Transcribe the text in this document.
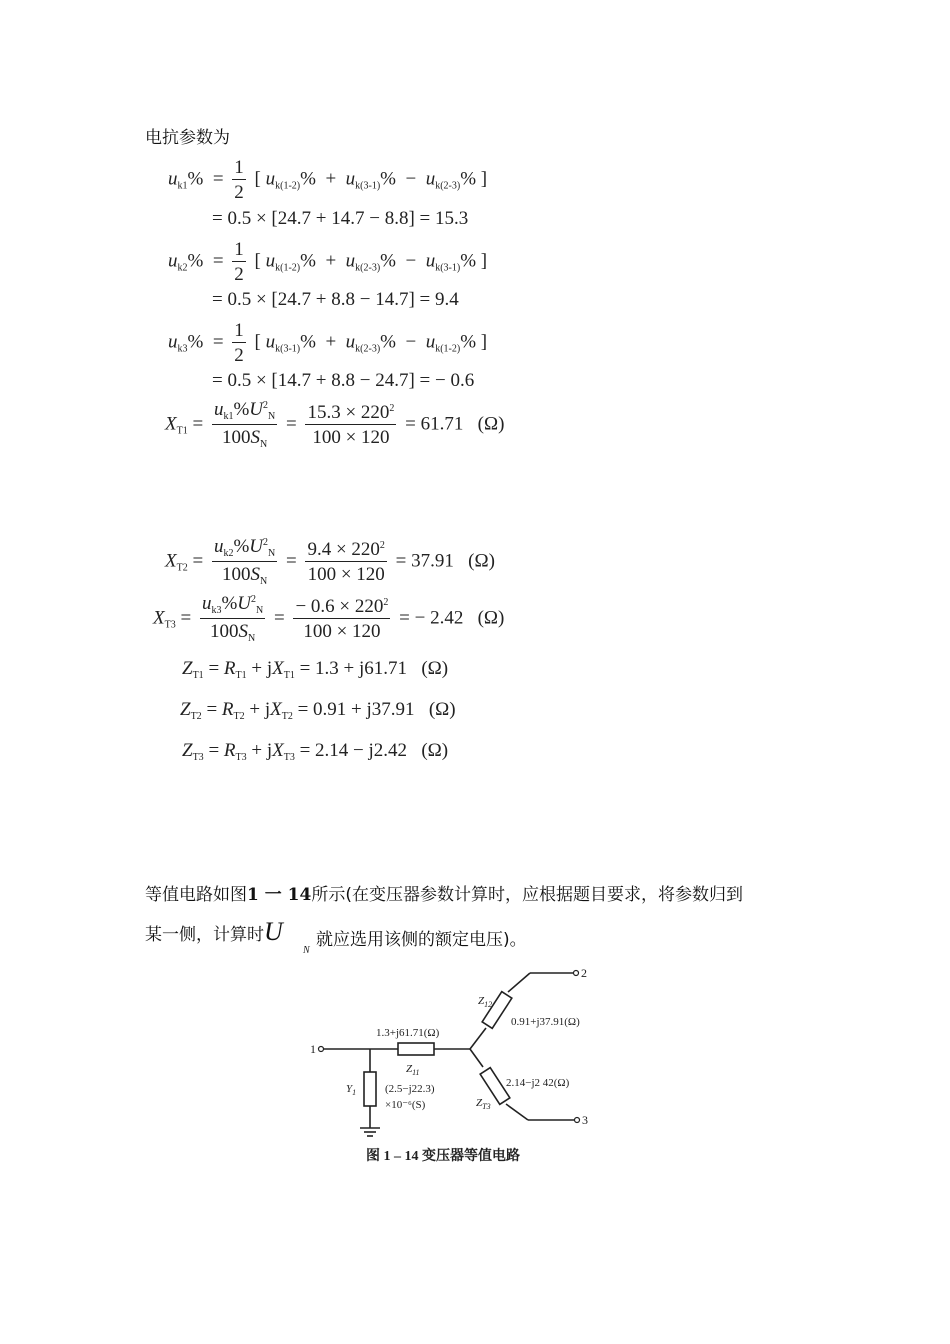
电抗参数为
$u_{k1}\% = \frac{1}{2}$ [ $u_{k(1-2)}\% + u_{k(3-1)}\% - u_{k(2-3)}\%$ ]
= 0.5 × [24.7 + 14.7 − 8.8] = 15.3
$u_{k2}\% = \frac{1}{2}$ [ $u_{k(1-2)}\% + u_{k(2-3)}\% - u_{k(3-1)}\%$ ]
= 0.5 × [24.7 + 8.8 − 14.7] = 9.4
$u_{k3}\% = \frac{1}{2}$ [ $u_{k(3-1)}\% + u_{k(2-3)}\% - u_{k(1-2)}\%$ ]
= 0.5 × [14.7 + 8.8 − 24.7] = − 0.6
$X_{T1} = \frac{u_{k1}\%U^2_N}{100S_N} = \frac{15.3 \times 220^2}{100 \times 120} = 61.71$ (Ω)
$X_{T2} = \frac{u_{k2}\%U^2_N}{100S_N} = \frac{9.4 \times 220^2}{100 \times 120} = 37.91$ (Ω)
$X_{T3} = \frac{u_{k3}\%U^2_N}{100S_N} = \frac{- 0.6 \times 220^2}{100 \times 120}$ = − 2.42 (Ω)
$Z_{T1} = R_{T1} + jX_{T1} = 1.3 + j61.71$ (Ω)
$Z_{T2} = R_{T2} + jX_{T2} = 0.91 + j37.91$ (Ω)
$Z_{T3} = R_{T3} + jX_{T3} = 2.14 - j2.42$ (Ω)
等值电路如图1 一 14所示(在变压器参数计算时，应根据题目要求，将参数归到
某一侧，计算时U 就应选用该侧的额定电压)。
N
1
2
3
1.3+j61.71(Ω)
$Z_{11}$
$Z_{12}$
0.91+j37.91(Ω)
2.14−j2 42(Ω)
$Z_{T3}$
$Y_1$	(2.5−j22.3)
×10⁻⁶(S)
图 1 – 14 变压器等值电路
